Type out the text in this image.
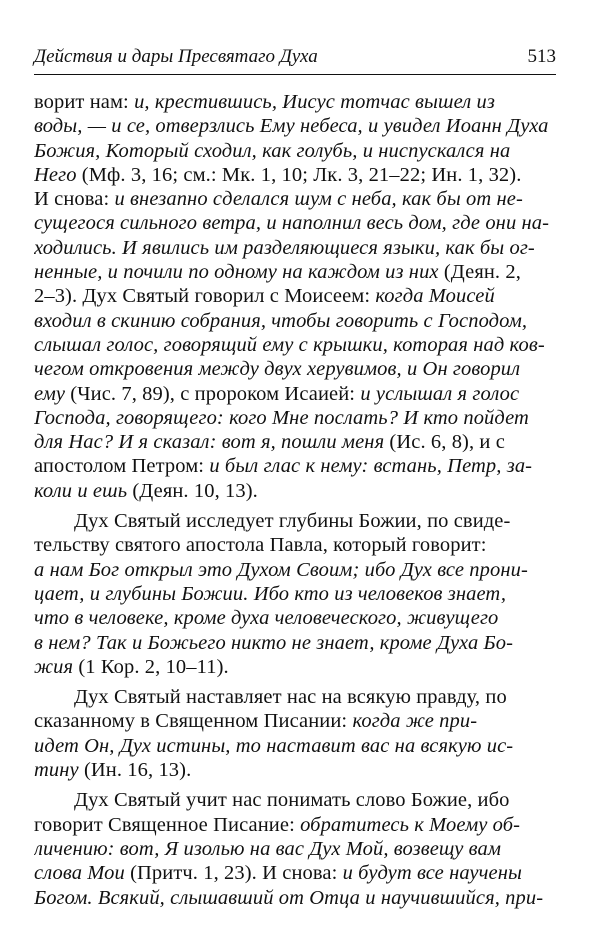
Действия и дары Пресвятаго Духа	513
ворит нам: и, крестившись, Иисус тотчас вышел из
воды, — и се, отверзлись Ему небеса, и увидел Иоанн Духа
Божия, Который сходил, как голубь, и ниспускался на
Него (Мф. 3, 16; см.: Мк. 1, 10; Лк. 3, 21–22; Ин. 1, 32).
И снова: и внезапно сделался шум с неба, как бы от не-
сущегося сильного ветра, и наполнил весь дом, где они на-
ходились. И явились им разделяющиеся языки, как бы ог-
ненные, и почили по одному на каждом из них (Деян. 2,
2–3). Дух Святый говорил с Моисеем: когда Моисей
входил в скинию собрания, чтобы говорить с Господом,
слышал голос, говорящий ему с крышки, которая над ков-
чегом откровения между двух херувимов, и Он говорил
ему (Чис. 7, 89), с пророком Исаией: и услышал я голос
Господа, говорящего: кого Мне послать? И кто пойдет
для Нас? И я сказал: вот я, пошли меня (Ис. 6, 8), и с
апостолом Петром: и был глас к нему: встань, Петр, за-
коли и ешь (Деян. 10, 13).
Дух Святый исследует глубины Божии, по свиде-
тельству святого апостола Павла, который говорит:
а нам Бог открыл это Духом Своим; ибо Дух все прони-
цает, и глубины Божии. Ибо кто из человеков знает,
что в человеке, кроме духа человеческого, живущего
в нем? Так и Божьего никто не знает, кроме Духа Бо-
жия (1 Кор. 2, 10–11).
Дух Святый наставляет нас на всякую правду, по
сказанному в Священном Писании: когда же при-
идет Он, Дух истины, то наставит вас на всякую ис-
тину (Ин. 16, 13).
Дух Святый учит нас понимать слово Божие, ибо
говорит Священное Писание: обратитесь к Моему об-
личению: вот, Я изолью на вас Дух Мой, возвещу вам
слова Мои (Притч. 1, 23). И снова: и будут все научены
Богом. Всякий, слышавший от Отца и научившийся, при-
